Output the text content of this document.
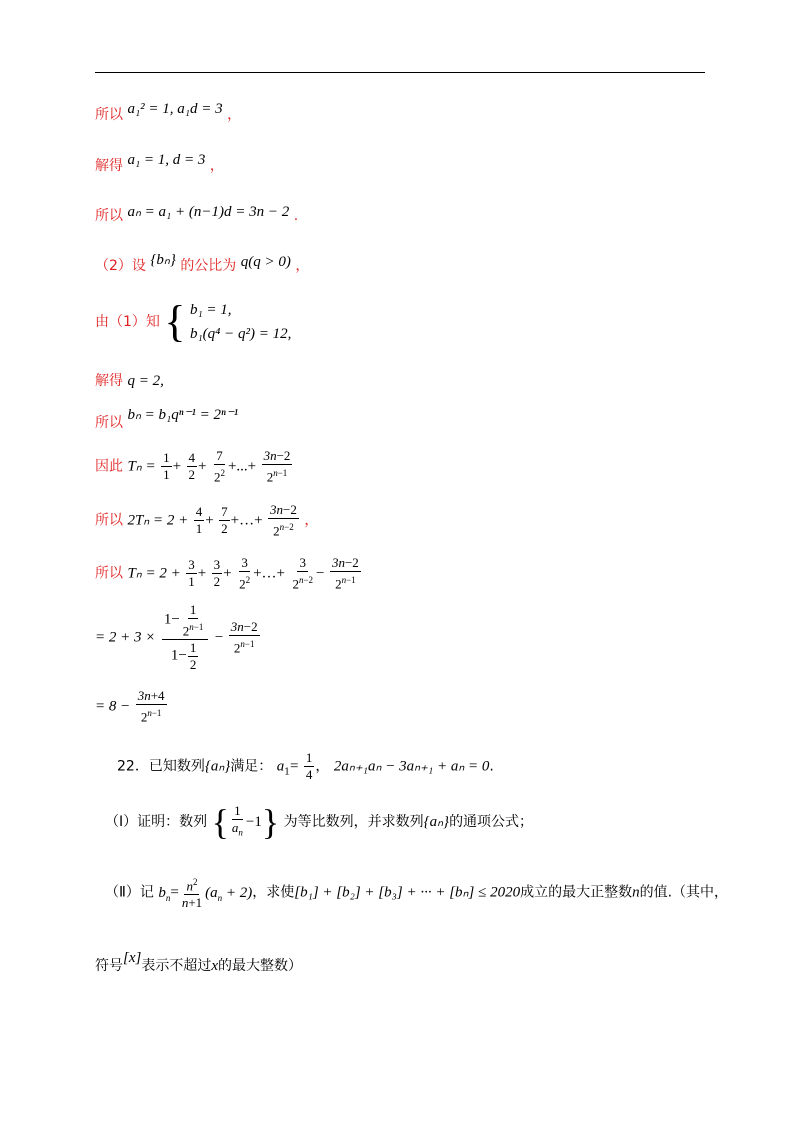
所以 a₁² = 1, a₁d = 3 ，
解得 a₁ = 1, d = 3 ，
所以 aₙ = a₁ + (n−1)d = 3n − 2 .
（2）设 {bₙ} 的公比为 q(q > 0) ，
由（1）知 { b₁ = 1,
b₁(q⁴ − q²) = 12,
解得 q = 2,
所以 bₙ = b₁qⁿ⁻¹ = 2ⁿ⁻¹
因此 $T_n = \frac{1}{1} + \frac{4}{2} + \frac{7}{2^2}$ +...+ $\frac{3n-2}{2^{n-1}}$
所以 $2T_n = 2 + \frac{4}{1} + \frac{7}{2}$ +…+ $\frac{3n-2}{2^{n-2}}$ ，
所以 $T_n = 2 + \frac{3}{1} + \frac{3}{2} + \frac{3}{2^2}$ +…+ $\frac{3}{2^{n-2}} - \frac{3n-2}{2^{n-1}}$
= $2 + 3 \times \frac{1- \frac{1}{2^{n-1}}}{1- \frac{1}{2}} - \frac{3n-2}{2^{n-1}}$
= $8 - \frac{3n+4}{2^{n-1}}$
22．已知数列{aₙ}满足： $a_1= \frac{1}{4}$ ， 2aₙ₊₁aₙ − 3aₙ₊₁ + aₙ = 0.
（Ⅰ）证明：数列 { $\frac{1}{a_n} -1$} 为等比数列，并求数列{aₙ}的通项公式；
（Ⅱ）记 $b_n= \frac{n^2}{n+1} (a_n + 2)$，求使[b₁] + [b₂] + [b₃] + ··· + [bₙ] ≤ 2020成立的最大正整数n的值.（其中，
符号[x]表示不超过x的最大整数）
